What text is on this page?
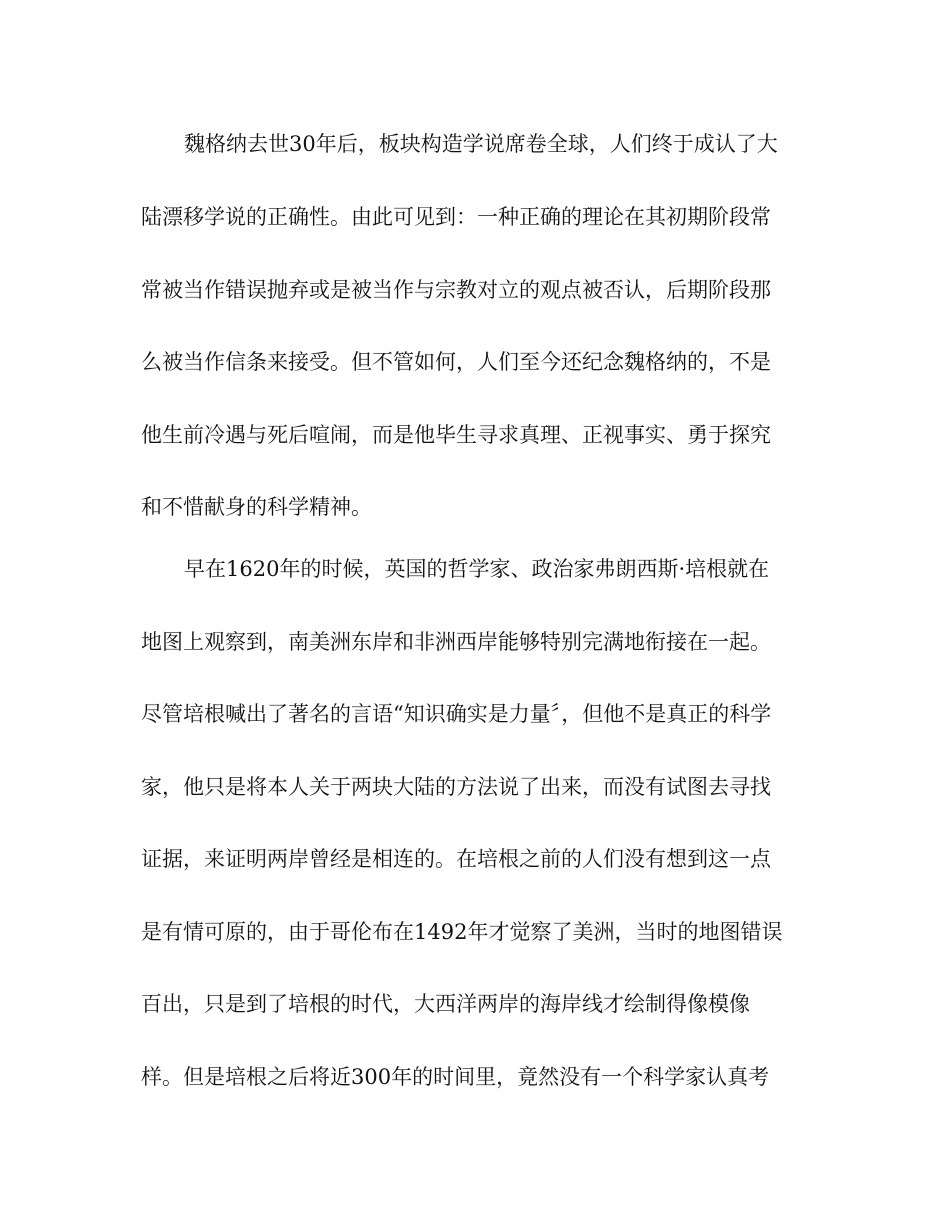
魏格纳去世30年后，板块构造学说席卷全球，人们终于成认了大
陆漂移学说的正确性。由此可见到：一种正确的理论在其初期阶段常
常被当作错误抛弃或是被当作与宗教对立的观点被否认，后期阶段那
么被当作信条来接受。但不管如何，人们至今还纪念魏格纳的，不是
他生前冷遇与死后喧闹，而是他毕生寻求真理、正视事实、勇于探究
和不惜献身的科学精神。
早在1620年的时候，英国的哲学家、政治家弗朗西斯·培根就在
地图上观察到，南美洲东岸和非洲西岸能够特别完满地衔接在一起。
尽管培根喊出了著名的言语“知识确实是力量〞，但他不是真正的科学
家，他只是将本人关于两块大陆的方法说了出来，而没有试图去寻找
证据，来证明两岸曾经是相连的。在培根之前的人们没有想到这一点
是有情可原的，由于哥伦布在1492年才觉察了美洲，当时的地图错误
百出，只是到了培根的时代，大西洋两岸的海岸线才绘制得像模像
样。但是培根之后将近300年的时间里，竟然没有一个科学家认真考
